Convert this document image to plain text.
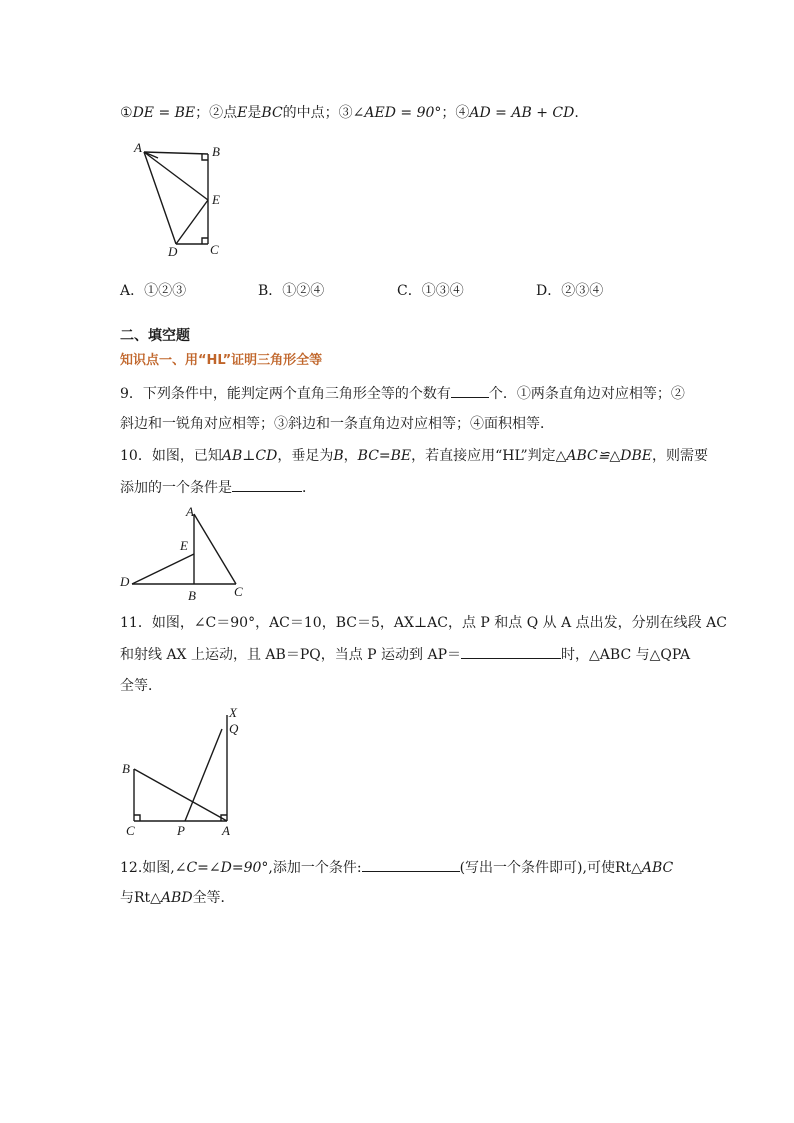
①DE = BE；②点E是BC的中点；③∠AED = 90°；④AD = AB + CD.
A	B
E
D	C
A．①②③	B．①②④	C．①③④	D．②③④
二、填空题
知识点一、用“HL”证明三角形全等
9．下列条件中，能判定两个直角三角形全等的个数有	个．①两条直角边对应相等；②
斜边和一锐角对应相等；③斜边和一条直角边对应相等；④面积相等．
10．如图，已知AB⊥CD，垂足为B，BC=BE，若直接应用“HL”判定△ABC≌△DBE，则需要
添加的一个条件是	．
A
E
D
B	C
11．如图，∠C＝90°，AC＝10，BC＝5，AX⊥AC，点 P 和点 Q 从 A 点出发，分别在线段 AC
和射线 AX 上运动，且 AB＝PQ，当点 P 运动到 AP＝	时，△ABC 与△QPA
全等．
X
Q
B
C	P	A
12.如图,∠C=∠D=90°,添加一个条件:	(写出一个条件即可),可使Rt△ABC
与Rt△ABD全等．
